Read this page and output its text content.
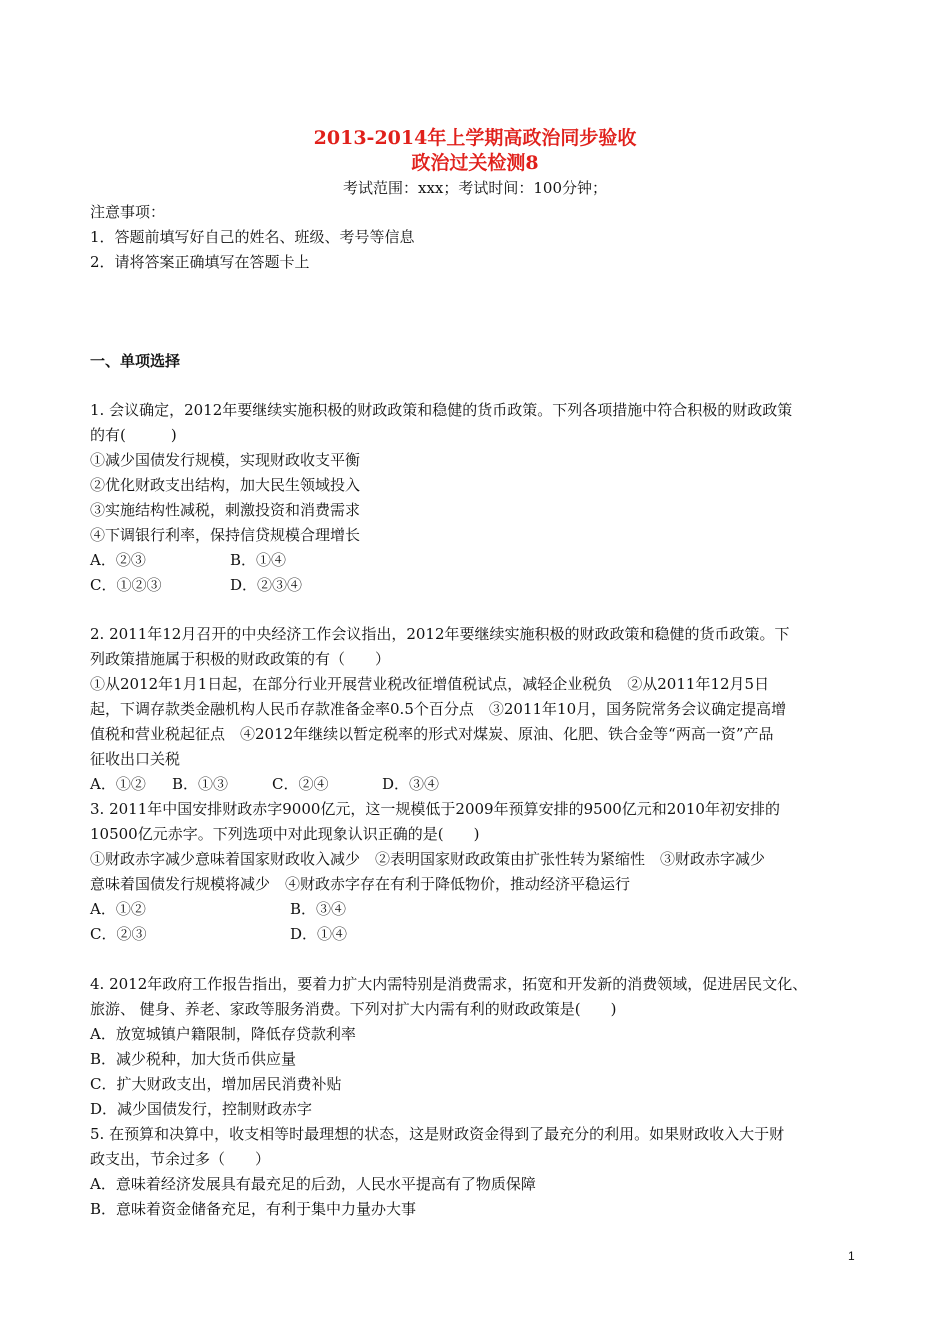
2013-2014年上学期高政治同步验收
政治过关检测8
考试范围：xxx；考试时间：100分钟；
注意事项：
1．答题前填写好自己的姓名、班级、考号等信息
2．请将答案正确填写在答题卡上
一、单项选择
1. 会议确定，2012年要继续实施积极的财政政策和稳健的货币政策。下列各项措施中符合积极的财政政策
的有(　　　)
①减少国债发行规模，实现财政收支平衡
②优化财政支出结构，加大民生领域投入
③实施结构性减税，刺激投资和消费需求
④下调银行利率，保持信贷规模合理增长
A．②③	B．①④
C．①②③	D．②③④
2. 2011年12月召开的中央经济工作会议指出，2012年要继续实施积极的财政政策和稳健的货币政策。下
列政策措施属于积极的财政政策的有（　　）
①从2012年1月1日起，在部分行业开展营业税改征增值税试点，减轻企业税负　②从2011年12月5日
起，下调存款类金融机构人民币存款准备金率0.5个百分点　③2011年10月，国务院常务会议确定提高增
值税和营业税起征点　④2012年继续以暂定税率的形式对煤炭、原油、化肥、铁合金等“两高一资”产品
征收出口关税
A．①② B．①③	C．②④	D．③④
3. 2011年中国安排财政赤字9000亿元，这一规模低于2009年预算安排的9500亿元和2010年初安排的
10500亿元赤字。下列选项中对此现象认识正确的是(　　)
①财政赤字减少意味着国家财政收入减少　②表明国家财政政策由扩张性转为紧缩性　③财政赤字减少
意味着国债发行规模将减少　④财政赤字存在有利于降低物价，推动经济平稳运行
A．①②	B．③④
C．②③	D．①④
4. 2012年政府工作报告指出，要着力扩大内需特别是消费需求，拓宽和开发新的消费领域，促进居民文化、
旅游、 健身、养老、家政等服务消费。下列对扩大内需有利的财政政策是(　　)
A．放宽城镇户籍限制，降低存贷款利率
B．减少税种，加大货币供应量
C．扩大财政支出，增加居民消费补贴
D．减少国债发行，控制财政赤字
5. 在预算和决算中，收支相等时最理想的状态，这是财政资金得到了最充分的利用。如果财政收入大于财
政支出，节余过多（　　）
A．意味着经济发展具有最充足的后劲，人民水平提高有了物质保障
B．意味着资金储备充足，有利于集中力量办大事
1
